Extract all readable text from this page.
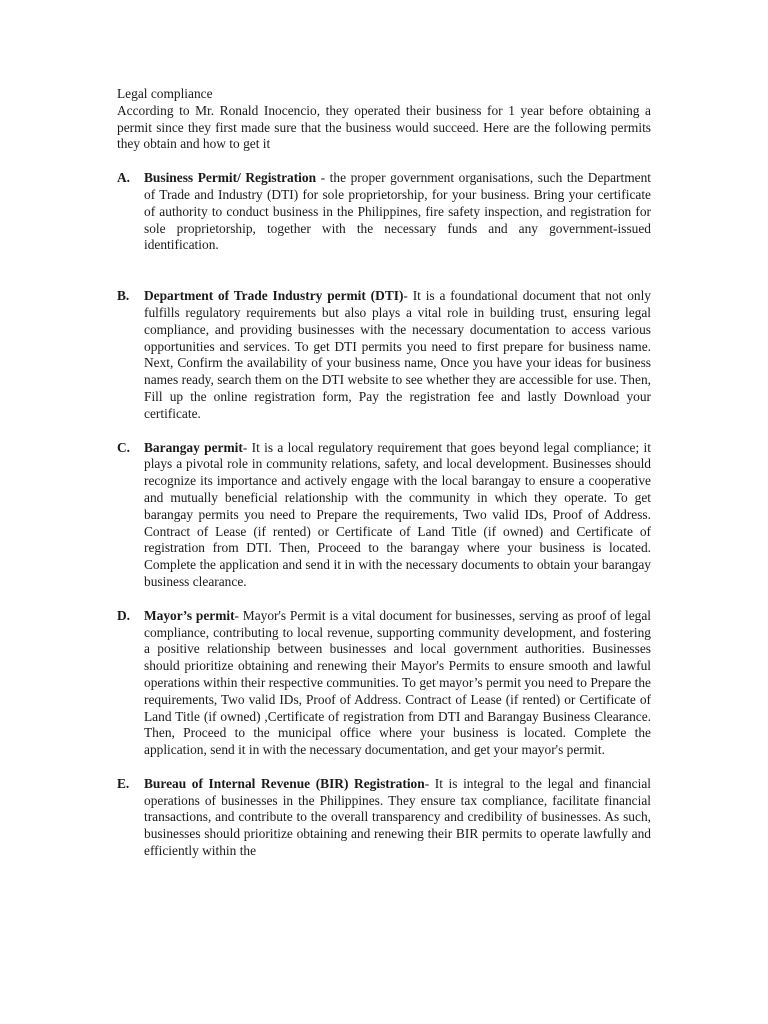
Legal compliance

According to Mr. Ronald Inocencio, they operated their business for 1 year before obtaining a permit since they first made sure that the business would succeed. Here are the following permits they obtain and how to get it

A. Business Permit/ Registration - the proper government organisations, such the Department of Trade and Industry (DTI) for sole proprietorship, for your business. Bring your certificate of authority to conduct business in the Philippines, fire safety inspection, and registration for sole proprietorship, together with the necessary funds and any government-issued identification.
B. Department of Trade Industry permit (DTI)- It is a foundational document that not only fulfills regulatory requirements but also plays a vital role in building trust, ensuring legal compliance, and providing businesses with the necessary documentation to access various opportunities and services. To get DTI permits you need to first prepare for business name. Next, Confirm the availability of your business name, Once you have your ideas for business names ready, search them on the DTI website to see whether they are accessible for use. Then, Fill up the online registration form, Pay the registration fee and lastly Download your certificate.
C. Barangay permit- It is a local regulatory requirement that goes beyond legal compliance; it plays a pivotal role in community relations, safety, and local development. Businesses should recognize its importance and actively engage with the local barangay to ensure a cooperative and mutually beneficial relationship with the community in which they operate. To get barangay permits you need to Prepare the requirements, Two valid IDs, Proof of Address. Contract of Lease (if rented) or Certificate of Land Title (if owned) and Certificate of registration from DTI. Then, Proceed to the barangay where your business is located. Complete the application and send it in with the necessary documents to obtain your barangay business clearance.
D. Mayor’s permit- Mayor's Permit is a vital document for businesses, serving as proof of legal compliance, contributing to local revenue, supporting community development, and fostering a positive relationship between businesses and local government authorities. Businesses should prioritize obtaining and renewing their Mayor's Permits to ensure smooth and lawful operations within their respective communities. To get mayor’s permit you need to Prepare the requirements, Two valid IDs, Proof of Address. Contract of Lease (if rented) or Certificate of Land Title (if owned) ,Certificate of registration from DTI and Barangay Business Clearance. Then, Proceed to the municipal office where your business is located. Complete the application, send it in with the necessary documentation, and get your mayor's permit.
E. Bureau of Internal Revenue (BIR) Registration- It is integral to the legal and financial operations of businesses in the Philippines. They ensure tax compliance, facilitate financial transactions, and contribute to the overall transparency and credibility of businesses. As such, businesses should prioritize obtaining and renewing their BIR permits to operate lawfully and efficiently within the
